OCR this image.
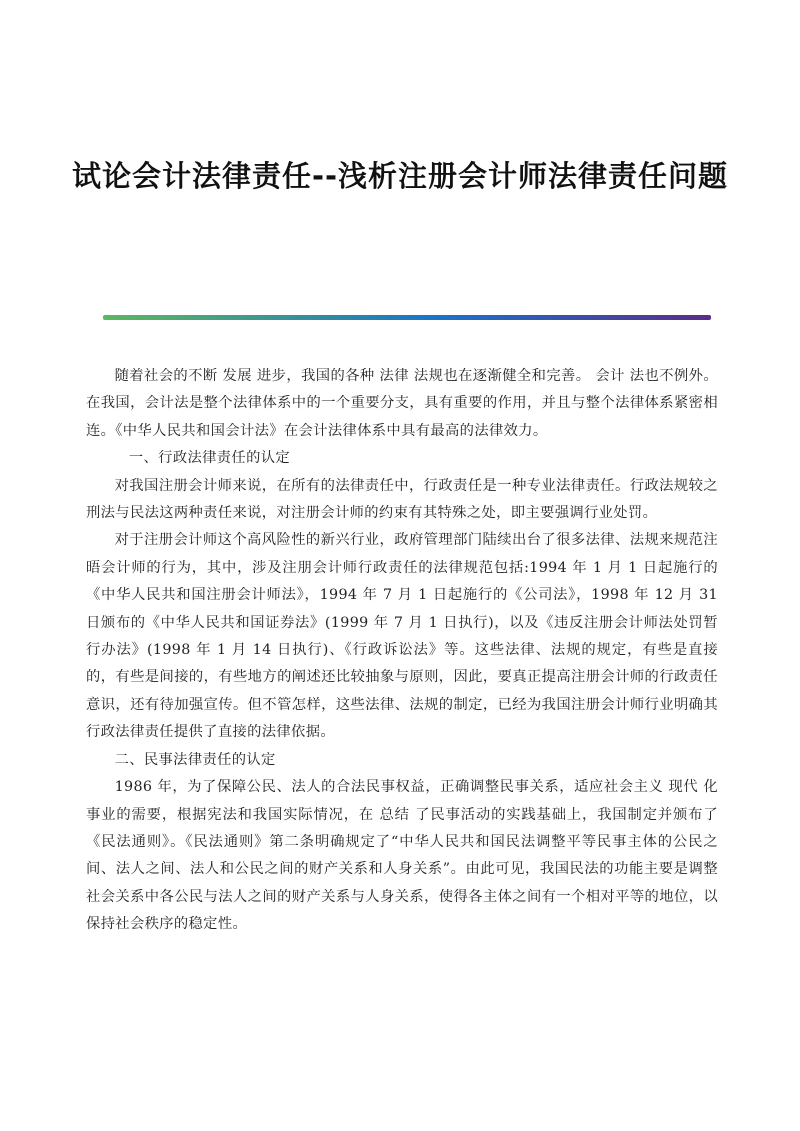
试论会计法律责任--浅析注册会计师法律责任问题

随着社会的不断 发展 进步，我国的各种 法律 法规也在逐渐健全和完善。 会计 法也不例外。在我国，会计法是整个法律体系中的一个重要分支，具有重要的作用，并且与整个法律体系紧密相连。《中华人民共和国会计法》在会计法律体系中具有最高的法律效力。

一、行政法律责任的认定

对我国注册会计师来说，在所有的法律责任中，行政责任是一种专业法律责任。行政法规较之刑法与民法这两种责任来说，对注册会计师的约束有其特殊之处，即主要强调行业处罚。

对于注册会计师这个高风险性的新兴行业，政府管理部门陆续出台了很多法律、法规来规范注晤会计师的行为，其中，涉及注朋会计师行政责任的法律规范包括:1994 年 1 月 1 日起施行的《中华人民共和国注册会计师法》，1994 年 7 月 1 日起施行的《公司法》，1998 年 12 月 31 日颁布的《中华人民共和国证券法》(1999 年 7 月 1 日执行)，以及《违反注册会计师法处罚暂行办法》(1998 年 1 月 14 日执行)、《行政诉讼法》等。这些法律、法规的规定，有些是直接的，有些是间接的，有些地方的阐述还比较抽象与原则，因此，要真正提高注册会计师的行政责任意识，还有待加强宣传。但不管怎样，这些法律、法规的制定，已经为我国注册会计师行业明确其行政法律责任提供了直接的法律依据。

二、民事法律责任的认定

1986 年，为了保障公民、法人的合法民事权益，正确调整民事关系，适应社会主义 现代 化事业的需要，根据宪法和我国实际情况，在 总结 了民事活动的实践基础上，我国制定并颁布了《民法通则》。《民法通则》第二条明确规定了“中华人民共和国民法调整平等民事主体的公民之间、法人之间、法人和公民之间的财产关系和人身关系”。由此可见，我国民法的功能主要是调整社会关系中各公民与法人之间的财产关系与人身关系，使得各主体之间有一个相对平等的地位，以保持社会秩序的稳定性。
